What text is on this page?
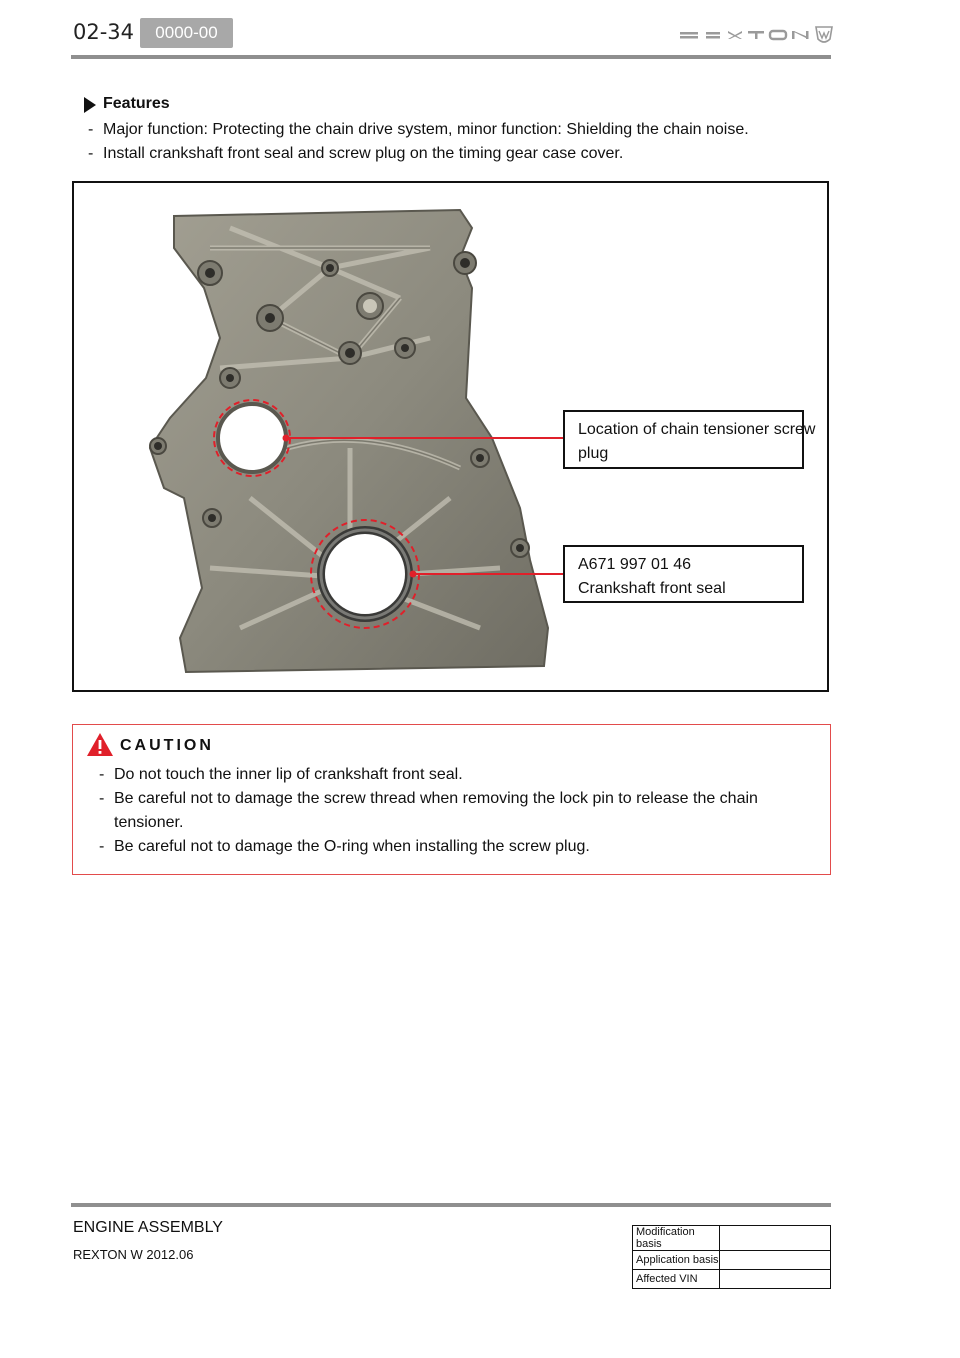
02-34	0000-00
Features
- Major function: Protecting the chain drive system, minor function: Shielding the chain noise.
- Install crankshaft front seal and screw plug on the timing gear case cover.
Location of chain tensioner screw
plug
A671 997 01 46
Crankshaft front seal
CAUTION
- Do not touch the inner lip of crankshaft front seal.
- Be careful not to damage the screw thread when removing the lock pin to release the chain tensioner.
- Be careful not to damage the O-ring when installing the screw plug.
ENGINE ASSEMBLY
REXTON W 2012.06
Modification basis	
Application basis	
Affected VIN	
